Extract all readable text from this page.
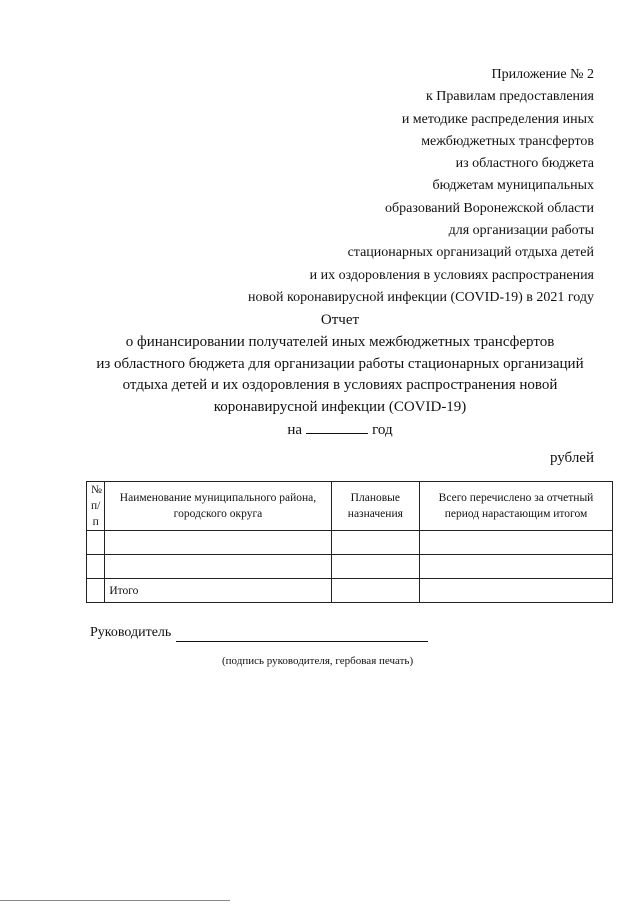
Приложение № 2
к Правилам предоставления
и методике распределения иных
межбюджетных трансфертов
из областного бюджета
бюджетам муниципальных
образований Воронежской области
для организации работы
стационарных организаций отдыха детей
и их оздоровления в условиях распространения
новой коронавирусной инфекции (COVID-19) в 2021 году
Отчет
о финансировании получателей иных межбюджетных трансфертов
из областного бюджета для организации работы стационарных организаций
отдыха детей и их оздоровления в условиях распространения новой
коронавирусной инфекции (COVID-19)
на	год
рублей
№
п/п	Наименование муниципального района, городского округа	Плановые назначения	Всего перечислено за отчетный период нарастающим итогом

	Итого		
Руководитель
(подпись руководителя, гербовая печать)
